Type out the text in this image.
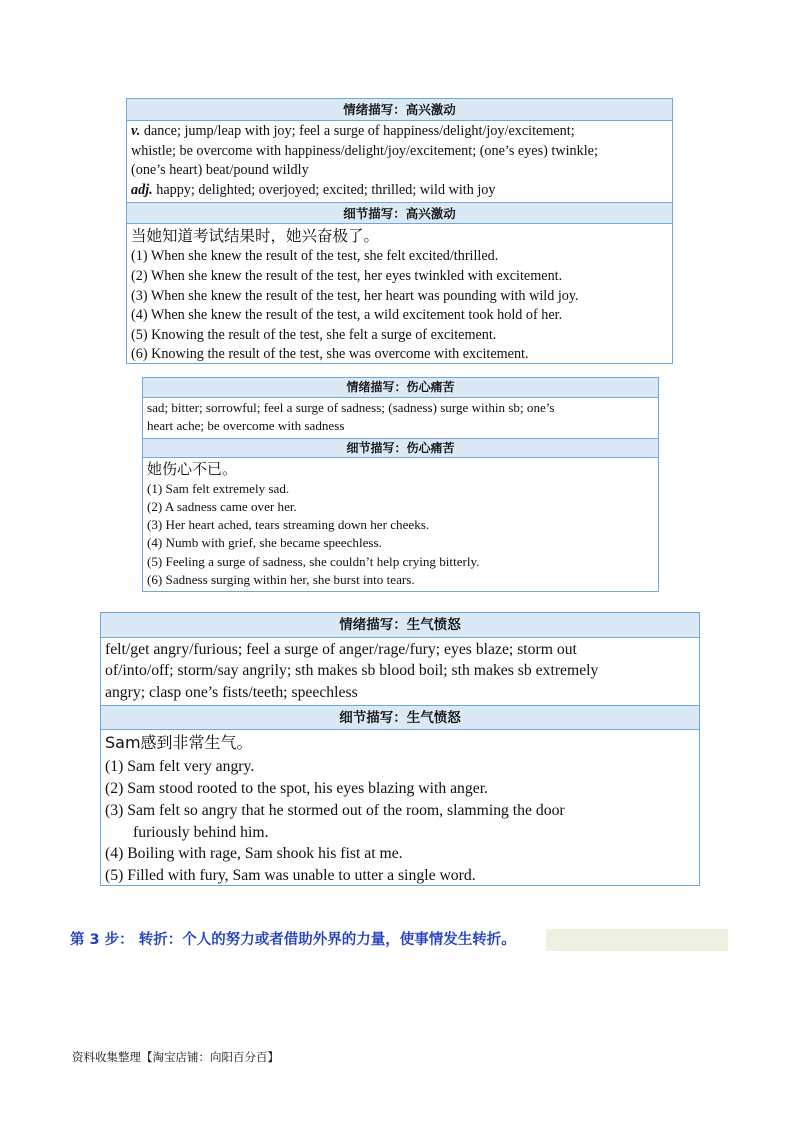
情绪描写：高兴激动
v. dance; jump/leap with joy; feel a surge of happiness/delight/joy/excitement;
whistle; be overcome with happiness/delight/joy/excitement; (one’s eyes) twinkle;
(one’s heart) beat/pound wildly
adj. happy; delighted; overjoyed; excited; thrilled; wild with joy
细节描写：高兴激动
当她知道考试结果时，她兴奋极了。
(1) When she knew the result of the test, she felt excited/thrilled.
(2) When she knew the result of the test, her eyes twinkled with excitement.
(3) When she knew the result of the test, her heart was pounding with wild joy.
(4) When she knew the result of the test, a wild excitement took hold of her.
(5) Knowing the result of the test, she felt a surge of excitement.
(6) Knowing the result of the test, she was overcome with excitement.
情绪描写：伤心痛苦
sad; bitter; sorrowful; feel a surge of sadness; (sadness) surge within sb; one’s
heart ache; be overcome with sadness
细节描写：伤心痛苦
她伤心不已。
(1) Sam felt extremely sad.
(2) A sadness came over her.
(3) Her heart ached, tears streaming down her cheeks.
(4) Numb with grief, she became speechless.
(5) Feeling a surge of sadness, she couldn’t help crying bitterly.
(6) Sadness surging within her, she burst into tears.
情绪描写：生气愤怒
felt/get angry/furious; feel a surge of anger/rage/fury; eyes blaze; storm out
of/into/off; storm/say angrily; sth makes sb blood boil; sth makes sb extremely
angry; clasp one’s fists/teeth; speechless
细节描写：生气愤怒
Sam感到非常生气。
(1) Sam felt very angry.
(2) Sam stood rooted to the spot, his eyes blazing with anger.
(3) Sam felt so angry that he stormed out of the room, slamming the door
furiously behind him.
(4) Boiling with rage, Sam shook his fist at me.
(5) Filled with fury, Sam was unable to utter a single word.
第 3 步： 转折：个人的努力或者借助外界的力量，使事情发生转折。
资料收集整理【淘宝店铺：向阳百分百】
